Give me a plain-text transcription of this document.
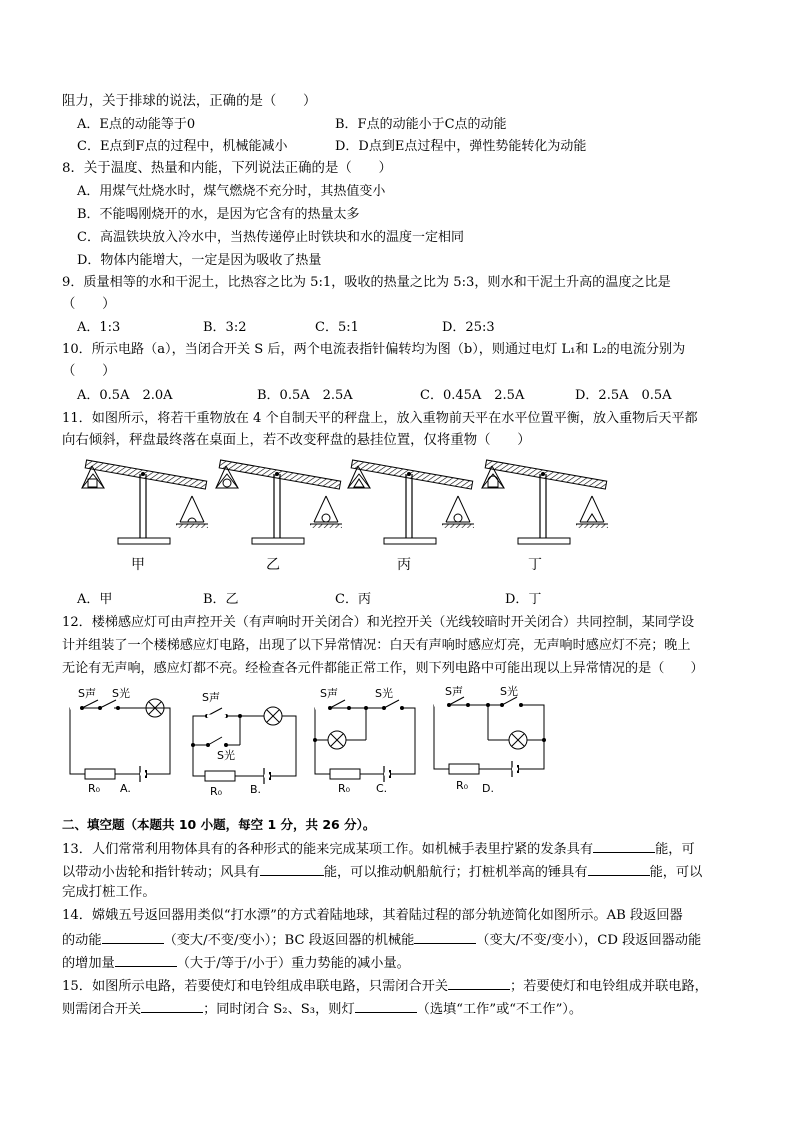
阻力，关于排球的说法，正确的是（　　）
A．E点的动能等于0	B．F点的动能小于C点的动能
C．E点到F点的过程中，机械能减小	D．D点到E点过程中，弹性势能转化为动能
8．关于温度、热量和内能，下列说法正确的是（　　）
A．用煤气灶烧水时，煤气燃烧不充分时，其热值变小
B．不能喝刚烧开的水，是因为它含有的热量太多
C．高温铁块放入冷水中，当热传递停止时铁块和水的温度一定相同
D．物体内能增大，一定是因为吸收了热量
9．质量相等的水和干泥土，比热容之比为 5:1，吸收的热量之比为 5:3，则水和干泥土升高的温度之比是
（　　）
A．1:3	B．3:2	C．5:1	D．25:3
10．所示电路（a），当闭合开关 S 后，两个电流表指针偏转均为图（b），则通过电灯 L₁和 L₂的电流分别为
（　　）
A．0.5A　2.0A	B．0.5A　2.5A	C．0.45A　2.5A	D．2.5A　0.5A
11．如图所示，将若干重物放在 4 个自制天平的秤盘上，放入重物前天平在水平位置平衡，放入重物后天平都
向右倾斜，秤盘最终落在桌面上，若不改变秤盘的悬挂位置，仅将重物（　　）
甲	乙	丙	丁
A．甲	B．乙	C．丙	D．丁
12．楼梯感应灯可由声控开关（有声响时开关闭合）和光控开关（光线较暗时开关闭合）共同控制，某同学设
计并组装了一个楼梯感应灯电路，出现了以下异常情况：白天有声响时感应灯亮，无声响时感应灯不亮；晚上
无论有无声响，感应灯都不亮。经检查各元件都能正常工作，则下列电路中可能出现以上异常情况的是（　　）
S声 S光
R₀ A.
S声
S光
R₀	B.
S声	S光
R₀ C.
S声	S光
R₀ D.
二、填空题（本题共 10 小题，每空 1 分，共 26 分）。
13．人们常常利用物体具有的各种形式的能来完成某项工作。如机械手表里拧紧的发条具有	能，可
以带动小齿轮和指针转动；风具有	能，可以推动帆船航行；打桩机举高的锤具有	能，可以
完成打桩工作。
14．嫦娥五号返回器用类似“打水漂”的方式着陆地球，其着陆过程的部分轨迹简化如图所示。AB 段返回器
的动能	（变大/不变/变小）；BC 段返回器的机械能	（变大/不变/变小），CD 段返回器动能
的增加量	（大于/等于/小于）重力势能的减小量。
15．如图所示电路，若要使灯和电铃组成串联电路，只需闭合开关	；若要使灯和电铃组成并联电路，
则需闭合开关	；同时闭合 S₂、S₃，则灯	（选填“工作”或“不工作”）。
